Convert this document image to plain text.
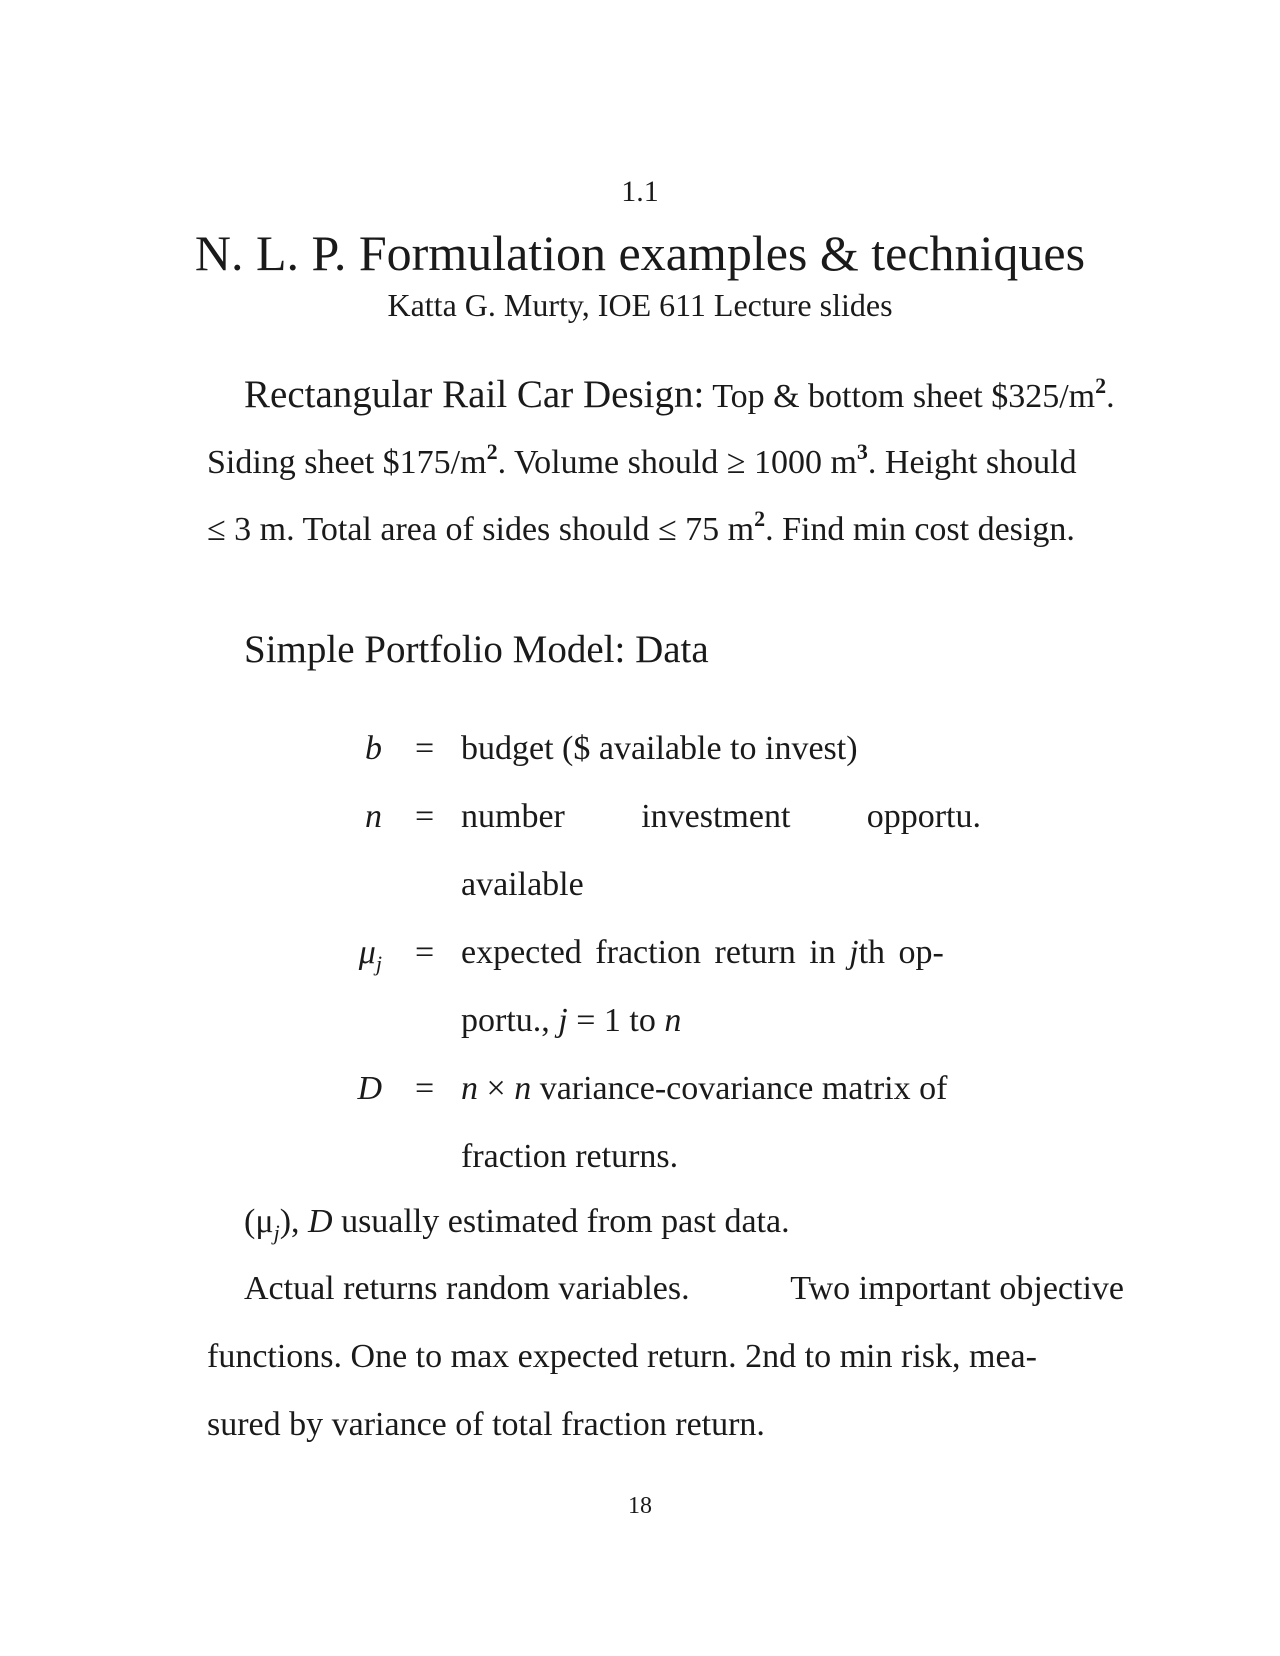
1.1
N. L. P. Formulation examples & techniques
Katta G. Murty, IOE 611 Lecture slides
Rectangular Rail Car Design: Top & bottom sheet $\$325/m^2$.
Siding sheet $\$175/m^2$. Volume should ≥ 1000 $m^3$. Height should
≤ 3 m. Total area of sides should ≤ 75 $m^2$. Find min cost design.
Simple Portfolio Model: Data
b = budget ($ available to invest)
n = number investment opportu.
available
$\mu_j$ = expected fraction return in jth op-
portu., j = 1 to n
D = n × n variance-covariance matrix of
fraction returns.
$(\mu_j)$, D usually estimated from past data.
Actual returns random variables.	Two important objective
functions. One to max expected return. 2nd to min risk, mea-
sured by variance of total fraction return.
18
